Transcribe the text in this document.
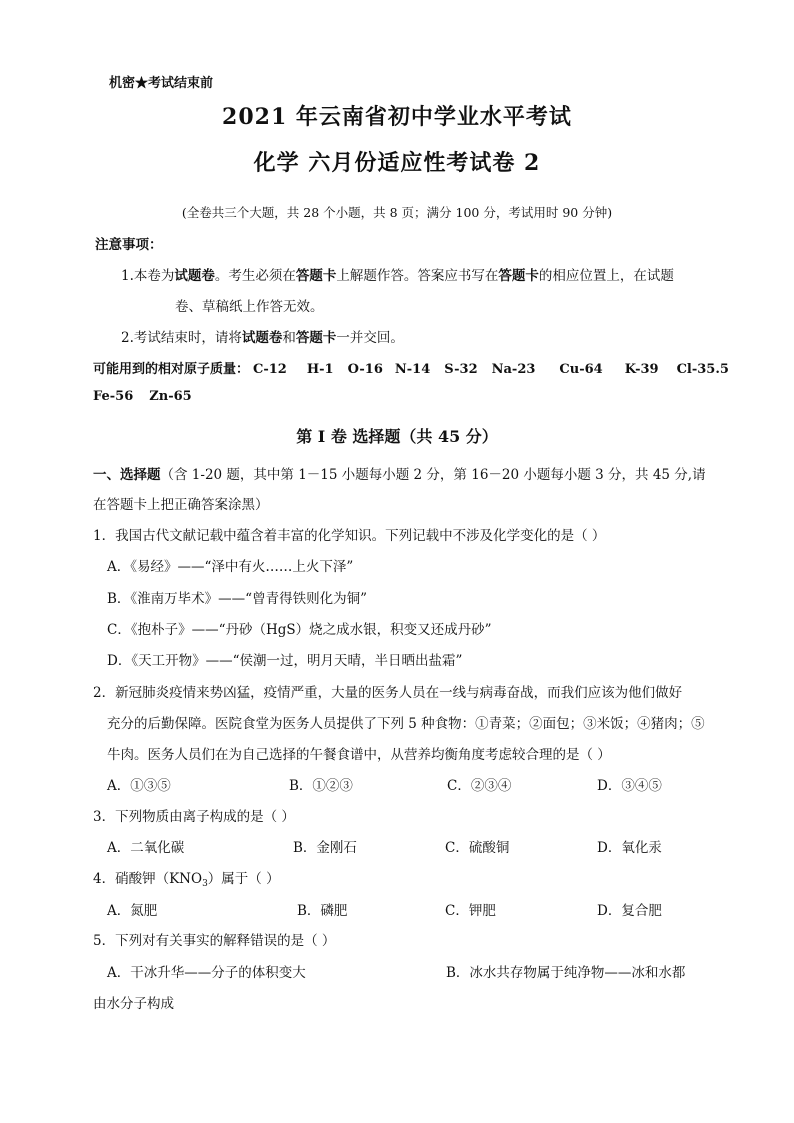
机密★考试结束前
2021 年云南省初中学业水平考试
化学 六月份适应性考试卷 2
(全卷共三个大题，共 28 个小题，共 8 页；满分 100 分，考试用时 90 分钟)
注意事项：
1.本卷为试题卷。考生必须在答题卡上解题作答。答案应书写在答题卡的相应位置上，在试题
卷、草稿纸上作答无效。
2.考试结束时，请将试题卷和答题卡一并交回。
可能用到的相对原子质量： C-12 H-1 O-16 N-14 S-32 Na-23 Cu-64 K-39 Cl-35.5
Fe-56 Zn-65
第 I 卷 选择题（共 45 分）
一、选择题（含 1-20 题，其中第 1－15 小题每小题 2 分，第 16－20 小题每小题 3 分，共 45 分,请
在答题卡上把正确答案涂黑）
1．我国古代文献记载中蕴含着丰富的化学知识。下列记载中不涉及化学变化的是（ ）
A．《易经》——“泽中有火……上火下泽”
B．《淮南万毕术》——“曾青得铁则化为铜”
C．《抱朴子》——“丹砂（HgS）烧之成水银，积变又还成丹砂”
D．《天工开物》——“侯潮一过，明月天晴，半日晒出盐霜”
2．新冠肺炎疫情来势凶猛，疫情严重，大量的医务人员在一线与病毒奋战，而我们应该为他们做好
充分的后勤保障。医院食堂为医务人员提供了下列 5 种食物：①青菜；②面包；③米饭；④猪肉；⑤
牛肉。医务人员们在为自己选择的午餐食谱中，从营养均衡角度考虑较合理的是（ ）
A．①③⑤	B．①②③	C．②③④	D．③④⑤
3．下列物质由离子构成的是（ ）
A．二氧化碳	B．金刚石	C．硫酸铜	D．氧化汞
4．硝酸钾$(KNO_3)$属于（ ）
A．氮肥	B．磷肥	C．钾肥	D．复合肥
5．下列对有关事实的解释错误的是（ ）
A．干冰升华——分子的体积变大	B．冰水共存物属于纯净物——冰和水都
由水分子构成
